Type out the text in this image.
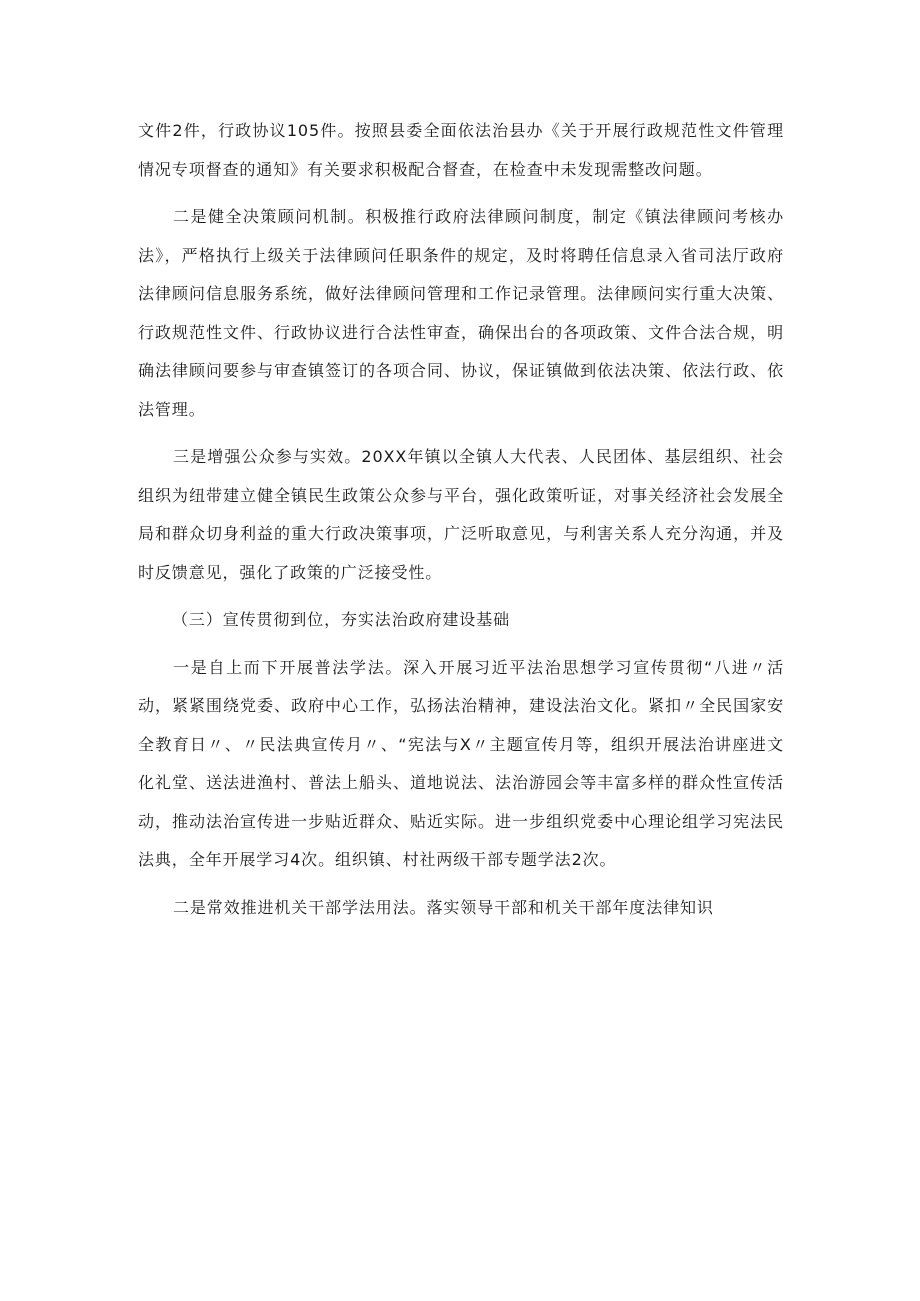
文件2件，行政协议105件。按照县委全面依法治县办《关于开展行政规范性文件管理情况专项督查的通知》有关要求积极配合督查，在检查中未发现需整改问题。

二是健全决策顾问机制。积极推行政府法律顾问制度，制定《镇法律顾问考核办法》，严格执行上级关于法律顾问任职条件的规定，及时将聘任信息录入省司法厅政府法律顾问信息服务系统，做好法律顾问管理和工作记录管理。法律顾问实行重大决策、行政规范性文件、行政协议进行合法性审查，确保出台的各项政策、文件合法合规，明确法律顾问要参与审查镇签订的各项合同、协议，保证镇做到依法决策、依法行政、依法管理。

三是增强公众参与实效。20XX年镇以全镇人大代表、人民团体、基层组织、社会组织为纽带建立健全镇民生政策公众参与平台，强化政策听证，对事关经济社会发展全局和群众切身利益的重大行政决策事项，广泛听取意见，与利害关系人充分沟通，并及时反馈意见，强化了政策的广泛接受性。

（三）宣传贯彻到位，夯实法治政府建设基础

一是自上而下开展普法学法。深入开展习近平法治思想学习宣传贯彻“八进〃活动，紧紧围绕党委、政府中心工作，弘扬法治精神，建设法治文化。紧扣〃全民国家安全教育日〃、〃民法典宣传月〃、“宪法与X〃主题宣传月等，组织开展法治讲座进文化礼堂、送法进渔村、普法上船头、道地说法、法治游园会等丰富多样的群众性宣传活动，推动法治宣传进一步贴近群众、贴近实际。进一步组织党委中心理论组学习宪法民法典，全年开展学习4次。组织镇、村社两级干部专题学法2次。

二是常效推进机关干部学法用法。落实领导干部和机关干部年度法律知识
